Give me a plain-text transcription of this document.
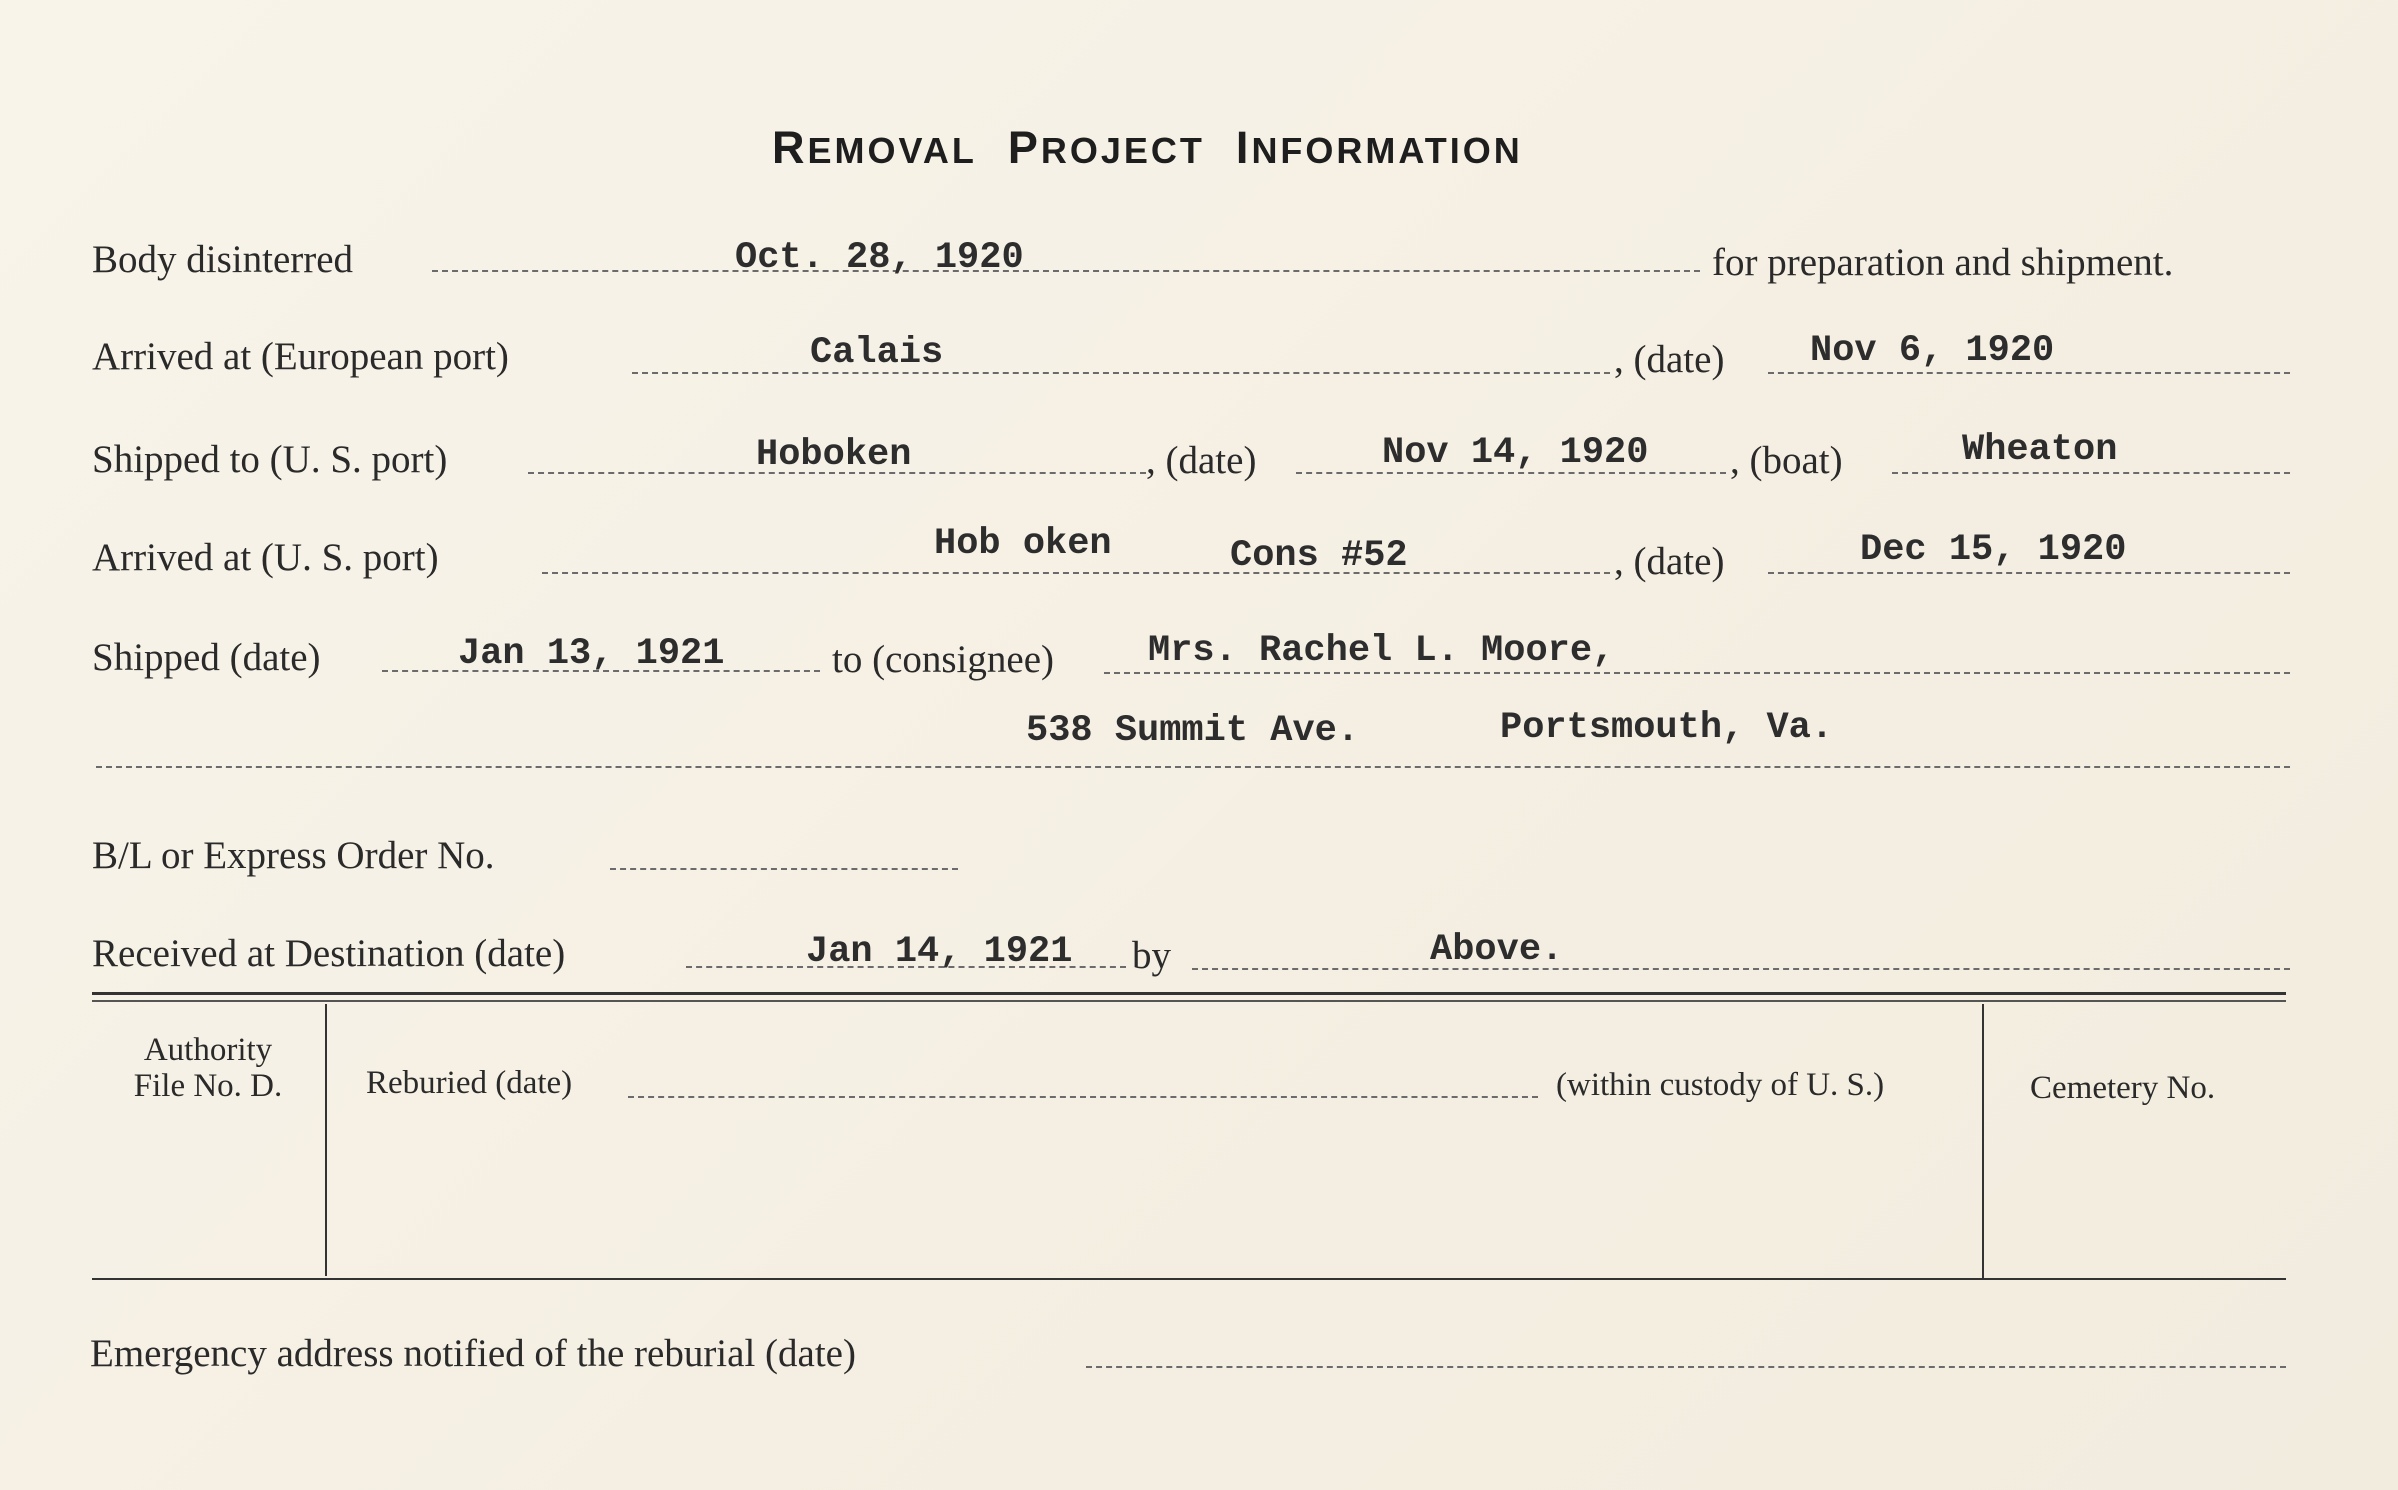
REMOVAL PROJECT INFORMATION
Body disinterred	Oct. 28, 1920	for preparation and shipment.
Arrived at (European port)	Calais	, (date) Nov 6, 1920
Shipped to (U. S. port)	Hoboken	, (date)	Nov 14, 1920 , (boat)	Wheaton
Arrived at (U. S. port)	Hob oken	Cons #52	, (date)	Dec 15, 1920
Shipped (date)	Jan 13, 1921	to (consignee)	Mrs. Rachel L. Moore,
538 Summit Ave.	Portsmouth, Va.
B/L or Express Order No.
Received at Destination (date)	Jan 14, 1921 by	Above.
Authority
File No. D.	Reburied (date)	(within custody of U. S.)	Cemetery No.
Emergency address notified of the reburial (date)
